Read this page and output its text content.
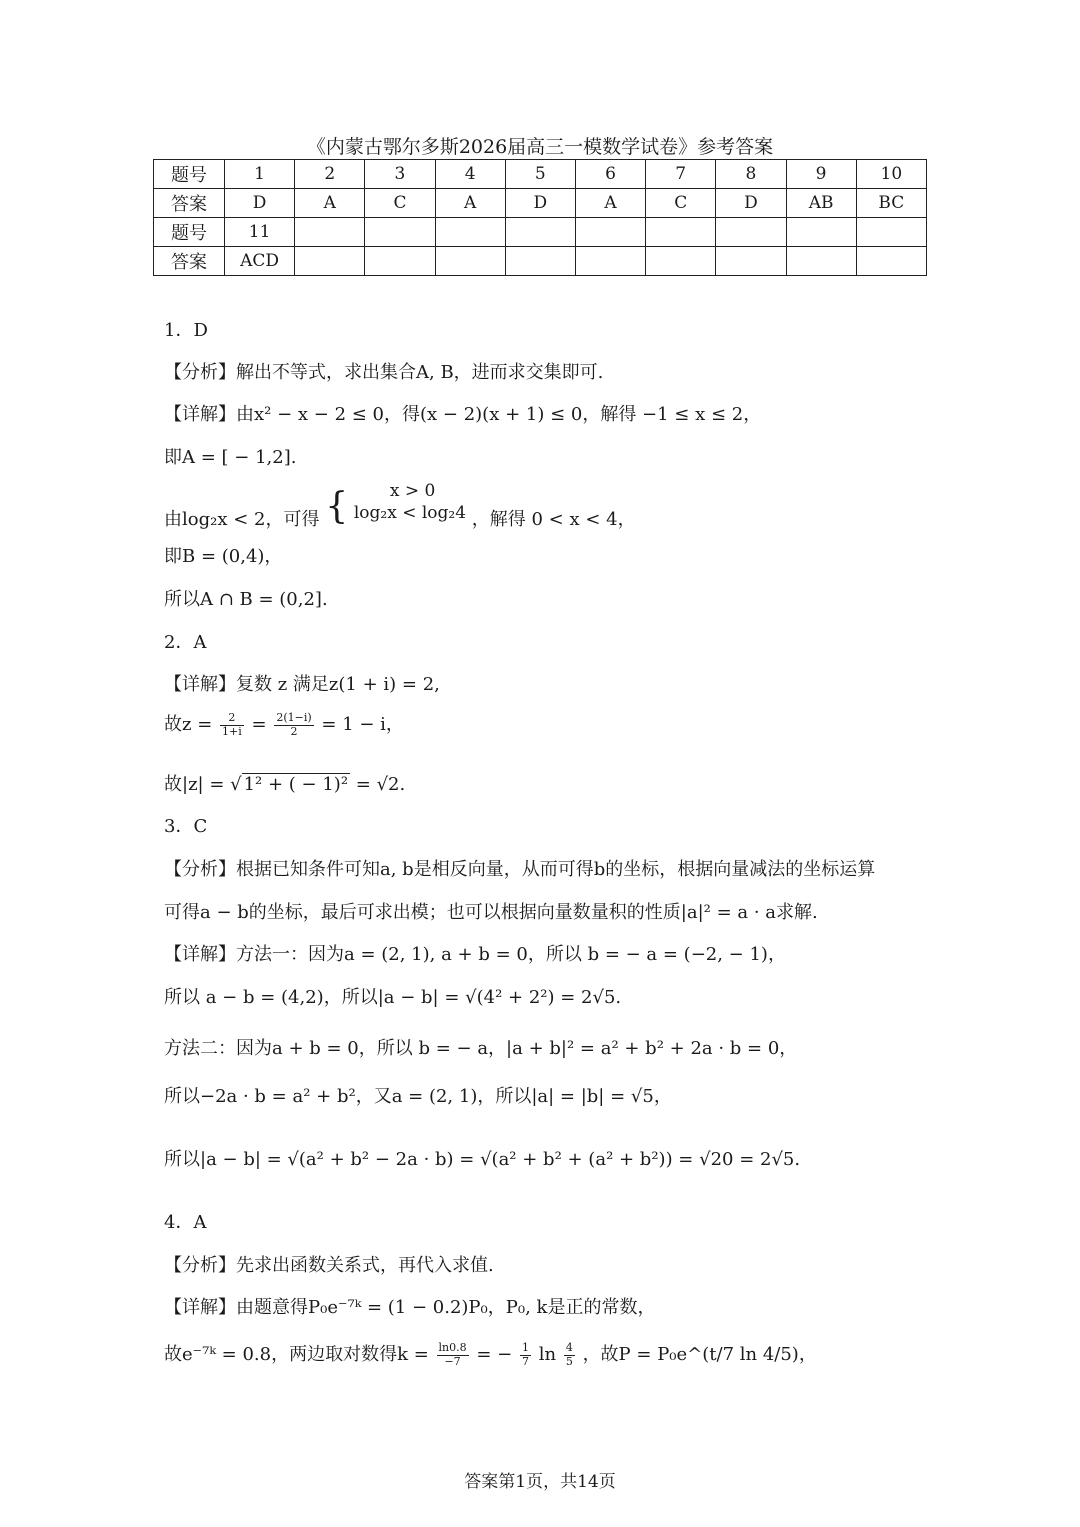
《内蒙古鄂尔多斯2026届高三一模数学试卷》参考答案
题号	1	2	3	4	5	6	7	8	9	10
答案	D	A	C	A	D	A	C	D	AB	BC
题号	11									
答案	ACD									
1．D
【分析】解出不等式，求出集合A, B，进而求交集即可.
【详解】由x² − x − 2 ≤ 0，得(x − 2)(x + 1) ≤ 0，解得 −1 ≤ x ≤ 2，
即A = [ − 1,2].
由log₂x < 2，可得 {	x > 0
log₂x < log₂4 ，解得 0 < x < 4，
即B = (0,4)，
所以A ∩ B = (0,2].
2．A
【详解】复数 z 满足z(1 + i) = 2,
故$z = \frac{2}{1+i} = \frac{2(1-i)}{2} = 1 - i$，
故|z| = √ 1² + ( − 1)² = √2.
3．C
【分析】根据已知条件可知a, b是相反向量，从而可得b的坐标，根据向量减法的坐标运算
可得a − b的坐标，最后可求出模；也可以根据向量数量积的性质|a|² = a · a求解.
【详解】方法一：因为a = (2, 1), a + b = 0，所以 b = − a = (−2, − 1)，
所以 a − b = (4,2)，所以|a − b| = √(4² + 2²) = 2√5.
方法二：因为a + b = 0，所以 b = − a，|a + b|² = a² + b² + 2a · b = 0，
所以−2a · b = a² + b²，又a = (2, 1)，所以|a| = |b| = √5，
所以|a − b| = √(a² + b² − 2a · b) = √(a² + b² + (a² + b²)) = √20 = 2√5.
4．A
【分析】先求出函数关系式，再代入求值.
【详解】由题意得P₀e⁻⁷ᵏ = (1 − 0.2)P₀，P₀, k是正的常数，
故e⁻⁷ᵏ = 0.8，两边取对数得$k = \frac{\ln 0.8}{-7}$ = − $\frac{1}{7}$ $\ln \frac{4}{5}$ ，故P = P₀e^(t/7 ln 4/5)，
答案第1页，共14页
